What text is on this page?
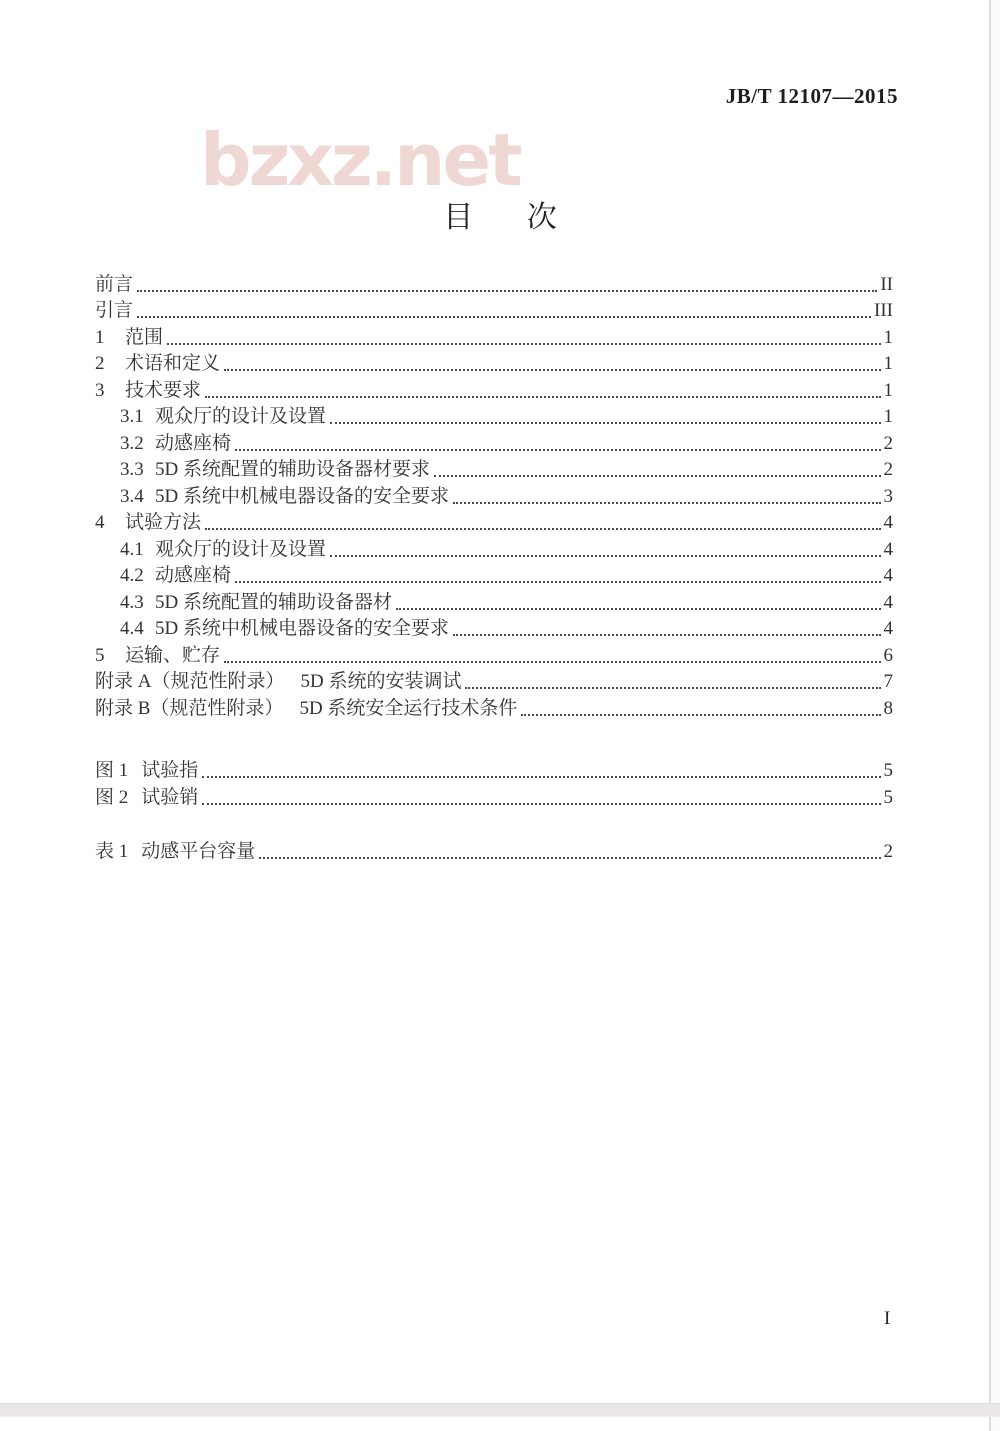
bzxz.net
JB/T 12107—2015
目 次
前言	II
引言	III
1	范围	1
2	术语和定义	1
3	技术要求	1
3.1 观众厅的设计及设置	1
3.2 动感座椅	2
3.3 5D 系统配置的辅助设备器材要求	2
3.4 5D 系统中机械电器设备的安全要求	3
4	试验方法	4
4.1 观众厅的设计及设置	4
4.2 动感座椅	4
4.3 5D 系统配置的辅助设备器材	4
4.4 5D 系统中机械电器设备的安全要求	4
5	运输、贮存	6
附录 A（规范性附录） 5D 系统的安装调试	7
附录 B（规范性附录） 5D 系统安全运行技术条件	8
图 1 试验指	5
图 2 试验销	5
表 1 动感平台容量	2
I
